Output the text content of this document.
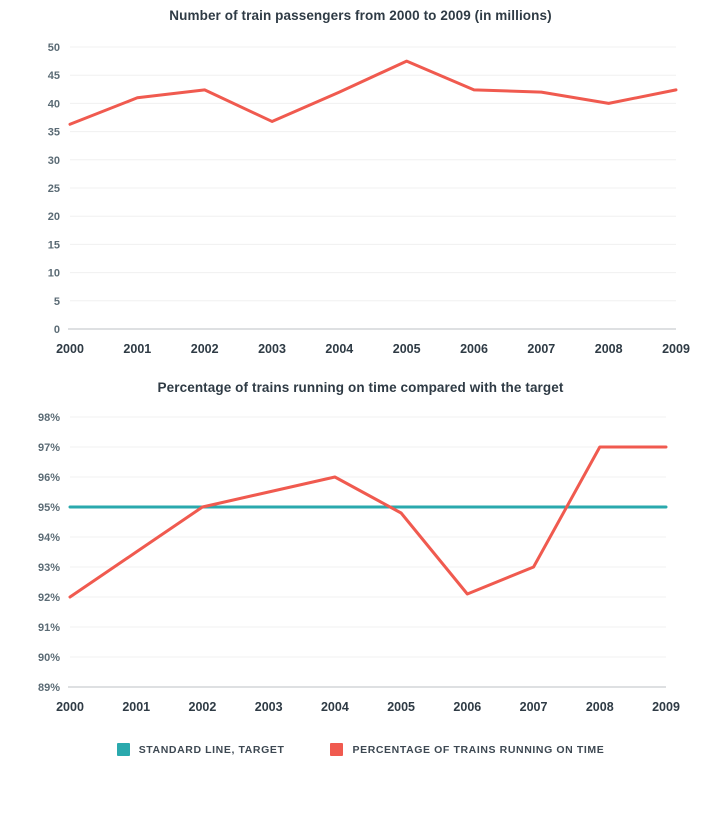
Number of train passengers from 2000 to 2009 (in millions)
0
5
10
15
20
25
30
35
40
45
50
2000	2001	2002	2003	2004	2005	2006	2007	2008	2009
Percentage of trains running on time compared with the target
89%
90%
91%
92%
93%
94%
95%
96%
97%
98%
2000	2001	2002	2003	2004	2005	2006	2007	2008	2009
STANDARD LINE, TARGET	PERCENTAGE OF TRAINS RUNNING ON TIME
